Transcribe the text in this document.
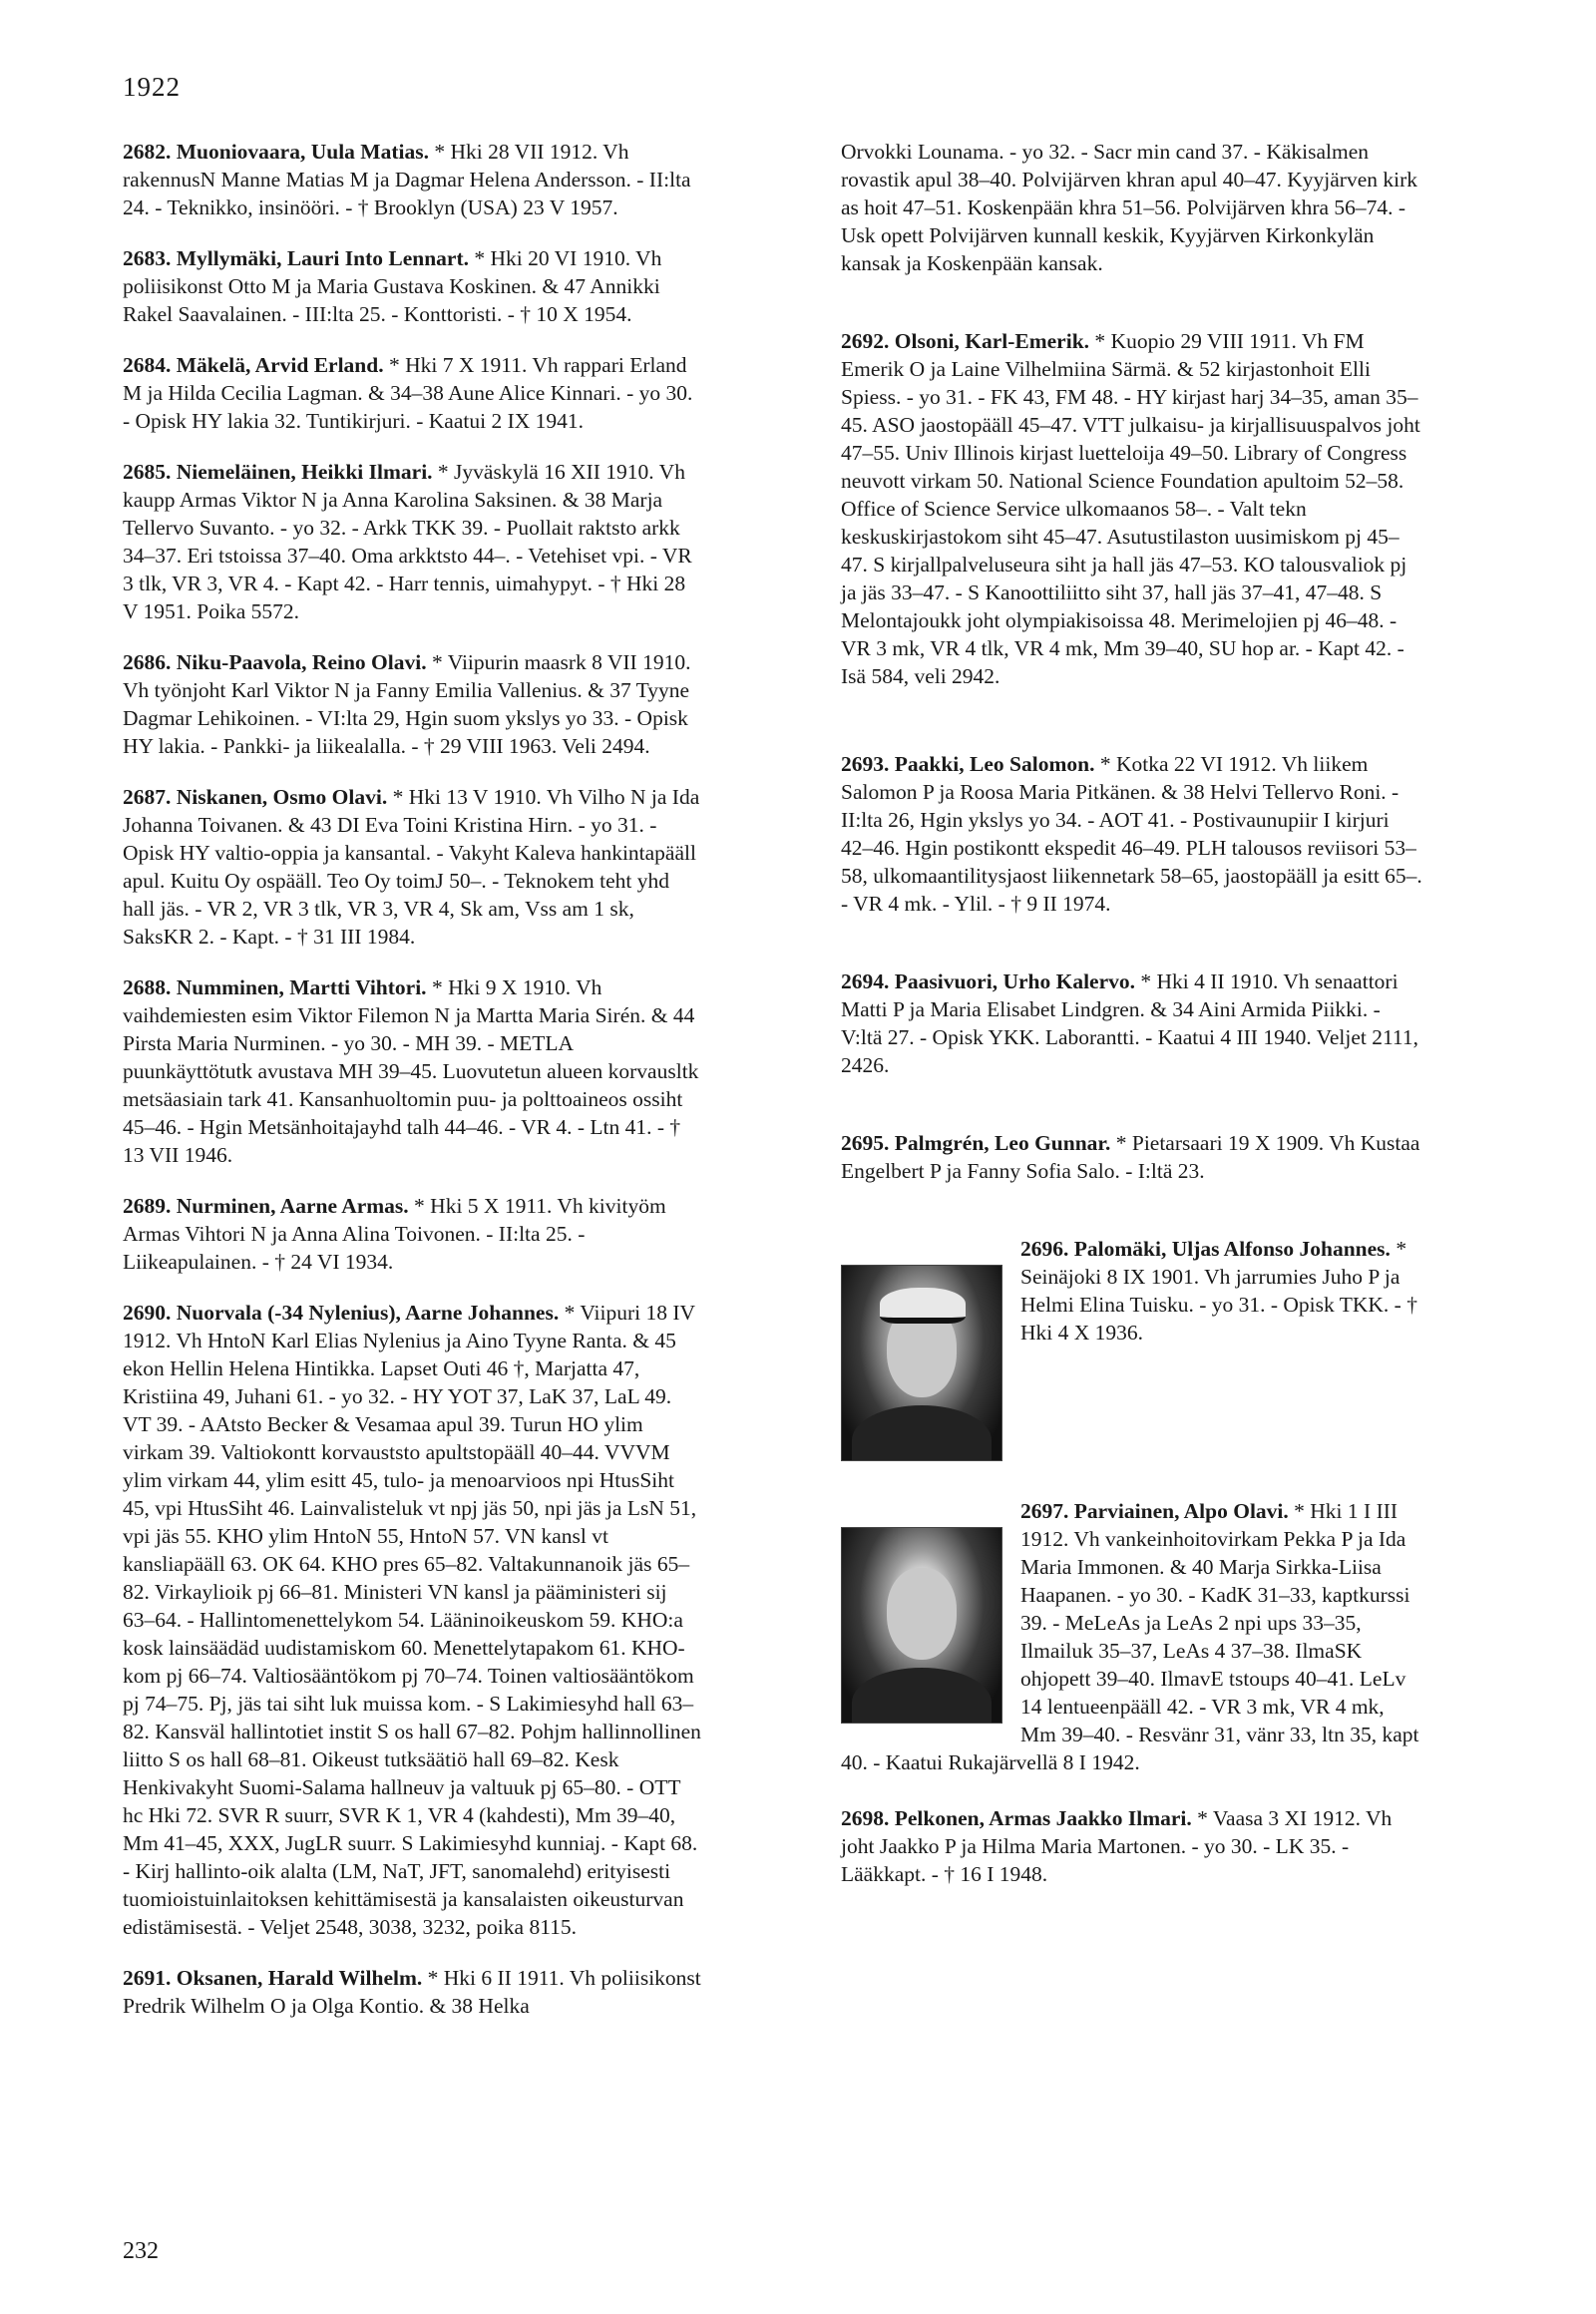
1922

2682. Muoniovaara, Uula Matias. * Hki 28 VII 1912. Vh rakennusN Manne Matias M ja Dagmar Helena Andersson. - II:lta 24. - Teknikko, insinööri. - † Brooklyn (USA) 23 V 1957.

2683. Myllymäki, Lauri Into Lennart. * Hki 20 VI 1910. Vh poliisikonst Otto M ja Maria Gustava Koskinen. & 47 Annikki Rakel Saavalainen. - III:lta 25. - Konttoristi. - † 10 X 1954.

2684. Mäkelä, Arvid Erland. * Hki 7 X 1911. Vh rappari Erland M ja Hilda Cecilia Lagman. & 34–38 Aune Alice Kinnari. - yo 30. - Opisk HY lakia 32. Tuntikirjuri. - Kaatui 2 IX 1941.

2685. Niemeläinen, Heikki Ilmari. * Jyväskylä 16 XII 1910. Vh kaupp Armas Viktor N ja Anna Karolina Saksinen. & 38 Marja Tellervo Suvanto. - yo 32. - Arkk TKK 39. - Puollait raktsto arkk 34–37. Eri tstoissa 37–40. Oma arkktsto 44–. - Vetehiset vpi. - VR 3 tlk, VR 3, VR 4. - Kapt 42. - Harr tennis, uimahypyt. - † Hki 28 V 1951. Poika 5572.

2686. Niku-Paavola, Reino Olavi. * Viipurin maasrk 8 VII 1910. Vh työnjoht Karl Viktor N ja Fanny Emilia Vallenius. & 37 Tyyne Dagmar Lehikoinen. - VI:lta 29, Hgin suom ykslys yo 33. - Opisk HY lakia. - Pankki- ja liikealalla. - † 29 VIII 1963. Veli 2494.

2687. Niskanen, Osmo Olavi. * Hki 13 V 1910. Vh Vilho N ja Ida Johanna Toivanen. & 43 DI Eva Toini Kristina Hirn. - yo 31. - Opisk HY valtio-oppia ja kansantal. - Vakyht Kaleva hankintapääll apul. Kuitu Oy ospääll. Teo Oy toimJ 50–. - Teknokem teht yhd hall jäs. - VR 2, VR 3 tlk, VR 3, VR 4, Sk am, Vss am 1 sk, SaksKR 2. - Kapt. - † 31 III 1984.

2688. Numminen, Martti Vihtori. * Hki 9 X 1910. Vh vaihdemiesten esim Viktor Filemon N ja Martta Maria Sirén. & 44 Pirsta Maria Nurminen. - yo 30. - MH 39. - METLA puunkäyttötutk avustava MH 39–45. Luovutetun alueen korvausltk metsäasiain tark 41. Kansanhuoltomin puu- ja polttoaineos ossiht 45–46. - Hgin Metsänhoitajayhd talh 44–46. - VR 4. - Ltn 41. - † 13 VII 1946.

2689. Nurminen, Aarne Armas. * Hki 5 X 1911. Vh kivityöm Armas Vihtori N ja Anna Alina Toivonen. - II:lta 25. - Liikeapulainen. - † 24 VI 1934.

2690. Nuorvala (-34 Nylenius), Aarne Johannes. * Viipuri 18 IV 1912. Vh HntoN Karl Elias Nylenius ja Aino Tyyne Ranta. & 45 ekon Hellin Helena Hintikka. Lapset Outi 46 †, Marjatta 47, Kristiina 49, Juhani 61. - yo 32. - HY YOT 37, LaK 37, LaL 49. VT 39. - AAtsto Becker & Vesamaa apul 39. Turun HO ylim virkam 39. Valtiokontt korvauststo apultstopääll 40–44. VVVM ylim virkam 44, ylim esitt 45, tulo- ja menoarvioos npi HtusSiht 45, vpi HtusSiht 46. Lainvalisteluk vt npj jäs 50, npi jäs ja LsN 51, vpi jäs 55. KHO ylim HntoN 55, HntoN 57. VN kansl vt kansliapääll 63. OK 64. KHO pres 65–82. Valtakunnanoik jäs 65–82. Virkaylioik pj 66–81. Ministeri VN kansl ja pääministeri sij 63–64. - Hallintomenettelykom 54. Lääninoikeuskom 59. KHO:a kosk lainsäädäd uudistamiskom 60. Menettelytapakom 61. KHO-kom pj 66–74. Valtiosääntökom pj 70–74. Toinen valtiosääntökom pj 74–75. Pj, jäs tai siht luk muissa kom. - S Lakimiesyhd hall 63–82. Kansväl hallintotiet instit S os hall 67–82. Pohjm hallinnollinen liitto S os hall 68–81. Oikeust tutksäätiö hall 69–82. Kesk Henkivakyht Suomi-Salama hallneuv ja valtuuk pj 65–80. - OTT hc Hki 72. SVR R suurr, SVR K 1, VR 4 (kahdesti), Mm 39–40, Mm 41–45, XXX, JugLR suurr. S Lakimiesyhd kunniaj. - Kapt 68. - Kirj hallinto-oik alalta (LM, NaT, JFT, sanomalehd) erityisesti tuomioistuinlaitoksen kehittämisestä ja kansalaisten oikeusturvan edistämisestä. - Veljet 2548, 3038, 3232, poika 8115.

2691. Oksanen, Harald Wilhelm. * Hki 6 II 1911. Vh poliisikonst Predrik Wilhelm O ja Olga Kontio. & 38 Helka

Orvokki Lounama. - yo 32. - Sacr min cand 37. - Käkisalmen rovastik apul 38–40. Polvijärven khran apul 40–47. Kyyjärven kirk as hoit 47–51. Koskenpään khra 51–56. Polvijärven khra 56–74. - Usk opett Polvijärven kunnall keskik, Kyyjärven Kirkonkylän kansak ja Koskenpään kansak.

2692. Olsoni, Karl-Emerik. * Kuopio 29 VIII 1911. Vh FM Emerik O ja Laine Vilhelmiina Särmä. & 52 kirjastonhoit Elli Spiess. - yo 31. - FK 43, FM 48. - HY kirjast harj 34–35, aman 35–45. ASO jaostopääll 45–47. VTT julkaisu- ja kirjallisuuspalvos joht 47–55. Univ Illinois kirjast luetteloija 49–50. Library of Congress neuvott virkam 50. National Science Foundation apultoim 52–58. Office of Science Service ulkomaanos 58–. - Valt tekn keskuskirjastokom siht 45–47. Asutustilaston uusimiskom pj 45–47. S kirjallpalveluseura siht ja hall jäs 47–53. KO talousvaliok pj ja jäs 33–47. - S Kanoottiliitto siht 37, hall jäs 37–41, 47–48. S Melontajoukk joht olympiakisoissa 48. Merimelojien pj 46–48. - VR 3 mk, VR 4 tlk, VR 4 mk, Mm 39–40, SU hop ar. - Kapt 42. - Isä 584, veli 2942.

2693. Paakki, Leo Salomon. * Kotka 22 VI 1912. Vh liikem Salomon P ja Roosa Maria Pitkänen. & 38 Helvi Tellervo Roni. - II:lta 26, Hgin ykslys yo 34. - AOT 41. - Postivaunupiir I kirjuri 42–46. Hgin postikontt ekspedit 46–49. PLH talousos reviisori 53–58, ulkomaantilitysjaost liikennetark 58–65, jaostopääll ja esitt 65–. - VR 4 mk. - Ylil. - † 9 II 1974.

2694. Paasivuori, Urho Kalervo. * Hki 4 II 1910. Vh senaattori Matti P ja Maria Elisabet Lindgren. & 34 Aini Armida Piikki. - V:ltä 27. - Opisk YKK. Laborantti. - Kaatui 4 III 1940. Veljet 2111, 2426.

2695. Palmgrén, Leo Gunnar. * Pietarsaari 19 X 1909. Vh Kustaa Engelbert P ja Fanny Sofia Salo. - I:ltä 23.

2696. Palomäki, Uljas Alfonso Johannes. * Seinäjoki 8 IX 1901. Vh jarrumies Juho P ja Helmi Elina Tuisku. - yo 31. - Opisk TKK. - † Hki 4 X 1936.

2697. Parviainen, Alpo Olavi. * Hki 1 I III 1912. Vh vankeinhoitovirkam Pekka P ja Ida Maria Immonen. & 40 Marja Sirkka-Liisa Haapanen. - yo 30. - KadK 31–33, kaptkurssi 39. - MeLeAs ja LeAs 2 npi ups 33–35, Ilmailuk 35–37, LeAs 4 37–38. IlmaSK ohjopett 39–40. IlmavE tstoups 40–41. LeLv 14 lentueenpääll 42. - VR 3 mk, VR 4 mk, Mm 39–40. - Resvänr 31, vänr 33, ltn 35, kapt 40. - Kaatui Rukajärvellä 8 I 1942.

2698. Pelkonen, Armas Jaakko Ilmari. * Vaasa 3 XI 1912. Vh joht Jaakko P ja Hilma Maria Martonen. - yo 30. - LK 35. - Lääkkapt. - † 16 I 1948.

232
